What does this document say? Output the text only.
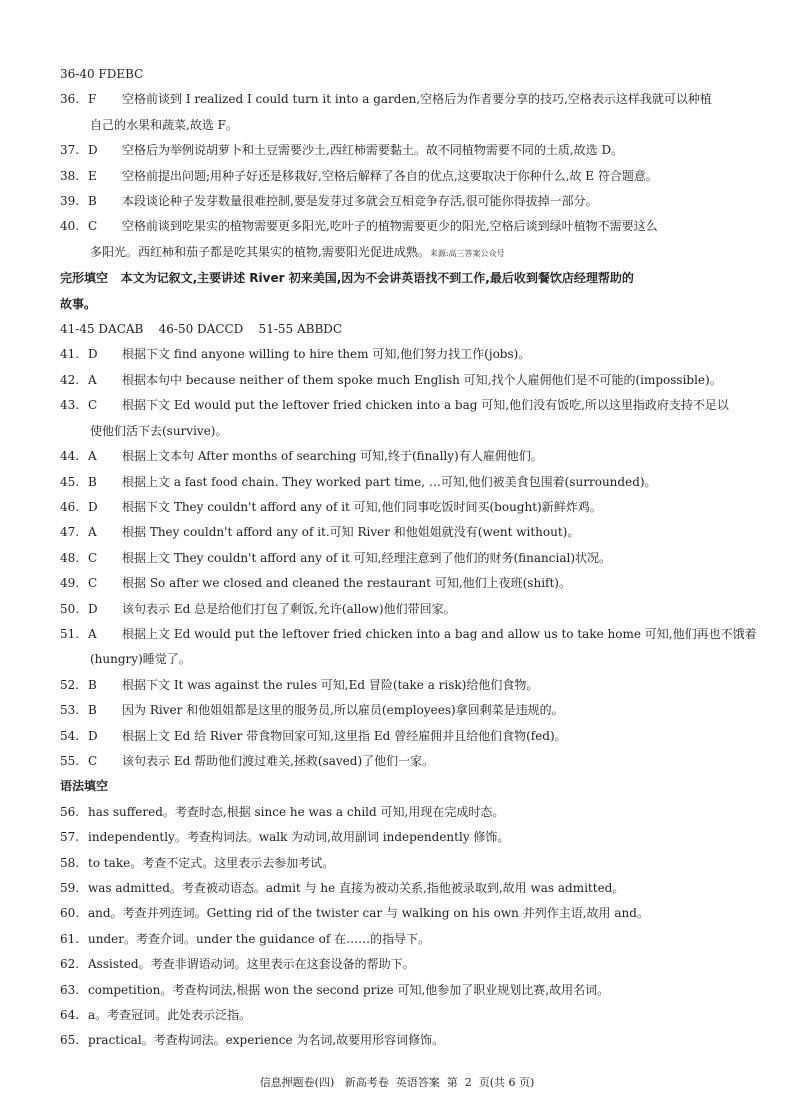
36-40 FDEBC
36. F  空格前谈到 I realized I could turn it into a garden,空格后为作者要分享的技巧,空格表示这样我就可以种植
自己的水果和蔬菜,故选 F。
37. D  空格后为举例说胡萝卜和土豆需要沙土,西红柿需要黏土。故不同植物需要不同的土质,故选 D。
38. E  空格前提出问题;用种子好还是移栽好,空格后解释了各自的优点,这要取决于你种什么,故 E 符合题意。
39. B  本段谈论种子发芽数量很难控制,要是发芽过多就会互相竞争存活,很可能你得拔掉一部分。
40. C  空格前谈到吃果实的植物需要更多阳光,吃叶子的植物需要更少的阳光,空格后谈到绿叶植物不需要这么
多阳光。西红柿和茄子都是吃其果实的植物,需要阳光促进成熟。来源:高三答案公众号
完形填空 本文为记叙文,主要讲述 River 初来美国,因为不会讲英语找不到工作,最后收到餐饮店经理帮助的
故事。
41-45 DACAB    46-50 DACCD    51-55 ABBDC
41. D  根据下文 find anyone willing to hire them 可知,他们努力找工作(jobs)。
42. A  根据本句中 because neither of them spoke much English 可知,找个人雇佣他们是不可能的(impossible)。
43. C  根据下文 Ed would put the leftover fried chicken into a bag 可知,他们没有饭吃,所以这里指政府支持不足以
使他们活下去(survive)。
44. A  根据上文本句 After months of searching 可知,终于(finally)有人雇佣他们。
45. B  根据上文 a fast food chain. They worked part time, …可知,他们被美食包围着(surrounded)。
46. D  根据下文 They couldn't afford any of it 可知,他们同事吃饭时间买(bought)新鲜炸鸡。
47. A  根据 They couldn't afford any of it.可知 River 和他姐姐就没有(went without)。
48. C  根据上文 They couldn't afford any of it 可知,经理注意到了他们的财务(financial)状况。
49. C  根据 So after we closed and cleaned the restaurant 可知,他们上夜班(shift)。
50. D  该句表示 Ed 总是给他们打包了剩饭,允许(allow)他们带回家。
51. A  根据上文 Ed would put the leftover fried chicken into a bag and allow us to take home 可知,他们再也不饿着
(hungry)睡觉了。
52. B  根据下文 It was against the rules 可知,Ed 冒险(take a risk)给他们食物。
53. B  因为 River 和他姐姐都是这里的服务员,所以雇员(employees)拿回剩菜是违规的。
54. D  根据上文 Ed 给 River 带食物回家可知,这里指 Ed 曾经雇佣并且给他们食物(fed)。
55. C  该句表示 Ed 帮助他们渡过难关,拯救(saved)了他们一家。
语法填空
56. has suffered。考查时态,根据 since he was a child 可知,用现在完成时态。
57. independently。考查构词法。walk 为动词,故用副词 independently 修饰。
58. to take。考查不定式。这里表示去参加考试。
59. was admitted。考查被动语态。admit 与 he 直接为被动关系,指他被录取到,故用 was admitted。
60. and。考查并列连词。Getting rid of the twister car 与 walking on his own 并列作主语,故用 and。
61. under。考查介词。under the guidance of 在……的指导下。
62. Assisted。考查非谓语动词。这里表示在这套设备的帮助下。
63. competition。考查构词法,根据 won the second prize 可知,他参加了职业规划比赛,故用名词。
64. a。考查冠词。此处表示泛指。
65. practical。考查构词法。experience 为名词,故要用形容词修饰。
信息押题卷(四)   新高考卷  英语答案  第  2  页(共 6 页)
